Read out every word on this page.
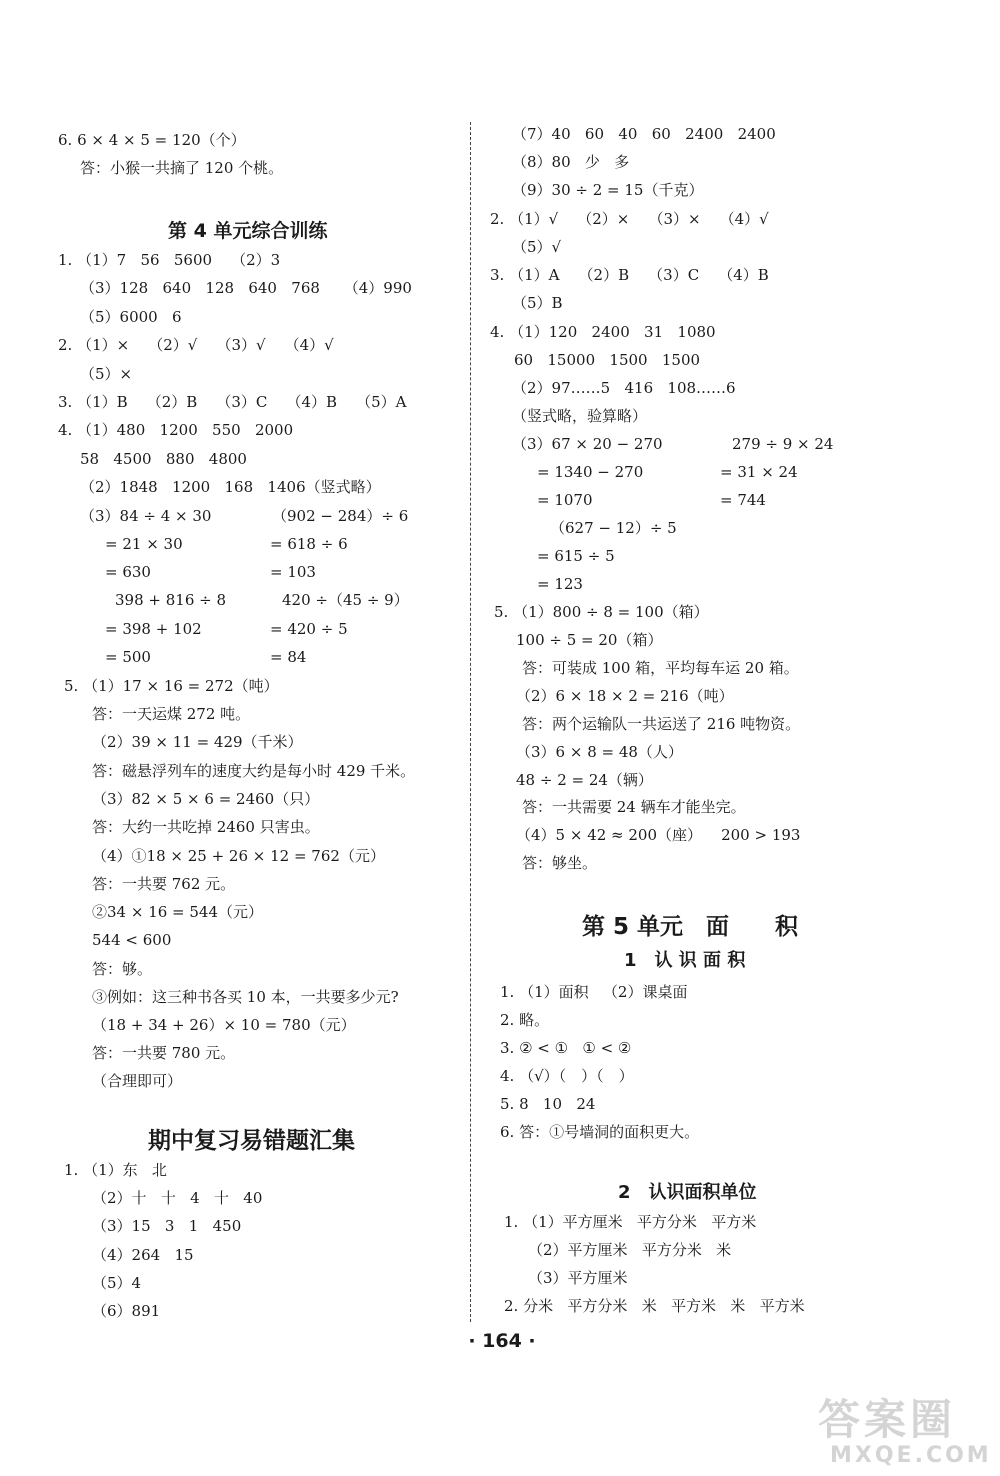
6. 6 × 4 × 5 = 120（个）
答：小猴一共摘了 120 个桃。
第 4 单元综合训练
1. （1）7   56   5600    （2）3
（3）128   640   128   640   768     （4）990
（5）6000   6
2. （1）×    （2）√    （3）√    （4）√
（5）×
3. （1）B    （2）B    （3）C    （4）B    （5）A
4. （1）480   1200   550   2000
58   4500   880   4800
（2）1848   1200   168   1406（竖式略）
（3）84 ÷ 4 × 30
= 21 × 30
= 630
398 + 816 ÷ 8
= 398 + 102
= 500
（902 − 284）÷ 6
= 618 ÷ 6
= 103
420 ÷（45 ÷ 9）
= 420 ÷ 5
= 84
5. （1）17 × 16 = 272（吨）
答：一天运煤 272 吨。
（2）39 × 11 = 429（千米）
答：磁悬浮列车的速度大约是每小时 429 千米。
（3）82 × 5 × 6 = 2460（只）
答：大约一共吃掉 2460 只害虫。
（4）①18 × 25 + 26 × 12 = 762（元）
答：一共要 762 元。
②34 × 16 = 544（元）
544 < 600
答：够。
③例如：这三种书各买 10 本，一共要多少元?
（18 + 34 + 26）× 10 = 780（元）
答：一共要 780 元。
（合理即可）
期中复习易错题汇集
1. （1）东   北
（2）十   十   4   十   40
（3）15   3   1   450
（4）264   15
（5）4
（6）891
（7）40   60   40   60   2400   2400
（8）80   少   多
（9）30 ÷ 2 = 15（千克）
2. （1）√    （2）×    （3）×    （4）√
（5）√
3. （1）A    （2）B    （3）C    （4）B
（5）B
4. （1）120   2400   31   1080
60   15000   1500   1500
（2）97……5   416   108……6
（竖式略，验算略）
（3）67 × 20 − 270
= 1340 − 270
= 1070
279 ÷ 9 × 24
= 31 × 24
= 744
（627 − 12）÷ 5
= 615 ÷ 5
= 123
5. （1）800 ÷ 8 = 100（箱）
100 ÷ 5 = 20（箱）
答：可装成 100 箱，平均每车运 20 箱。
（2）6 × 18 × 2 = 216（吨）
答：两个运输队一共运送了 216 吨物资。
（3）6 × 8 = 48（人）
48 ÷ 2 = 24（辆）
答：一共需要 24 辆车才能坐完。
（4）5 × 42 ≈ 200（座）    200 > 193
答：够坐。
第 5 单元　面　　积
1　认 识 面 积
1. （1）面积   （2）课桌面
2. 略。
3. ② < ①   ① < ②
4. （√）（　）（　）
5. 8   10   24
6. 答：①号墙洞的面积更大。
2　认识面积单位
1. （1）平方厘米   平方分米   平方米
（2）平方厘米   平方分米   米
（3）平方厘米
2. 分米   平方分米   米   平方米   米   平方米
· 164 ·
答案圈
MXQE.COM
